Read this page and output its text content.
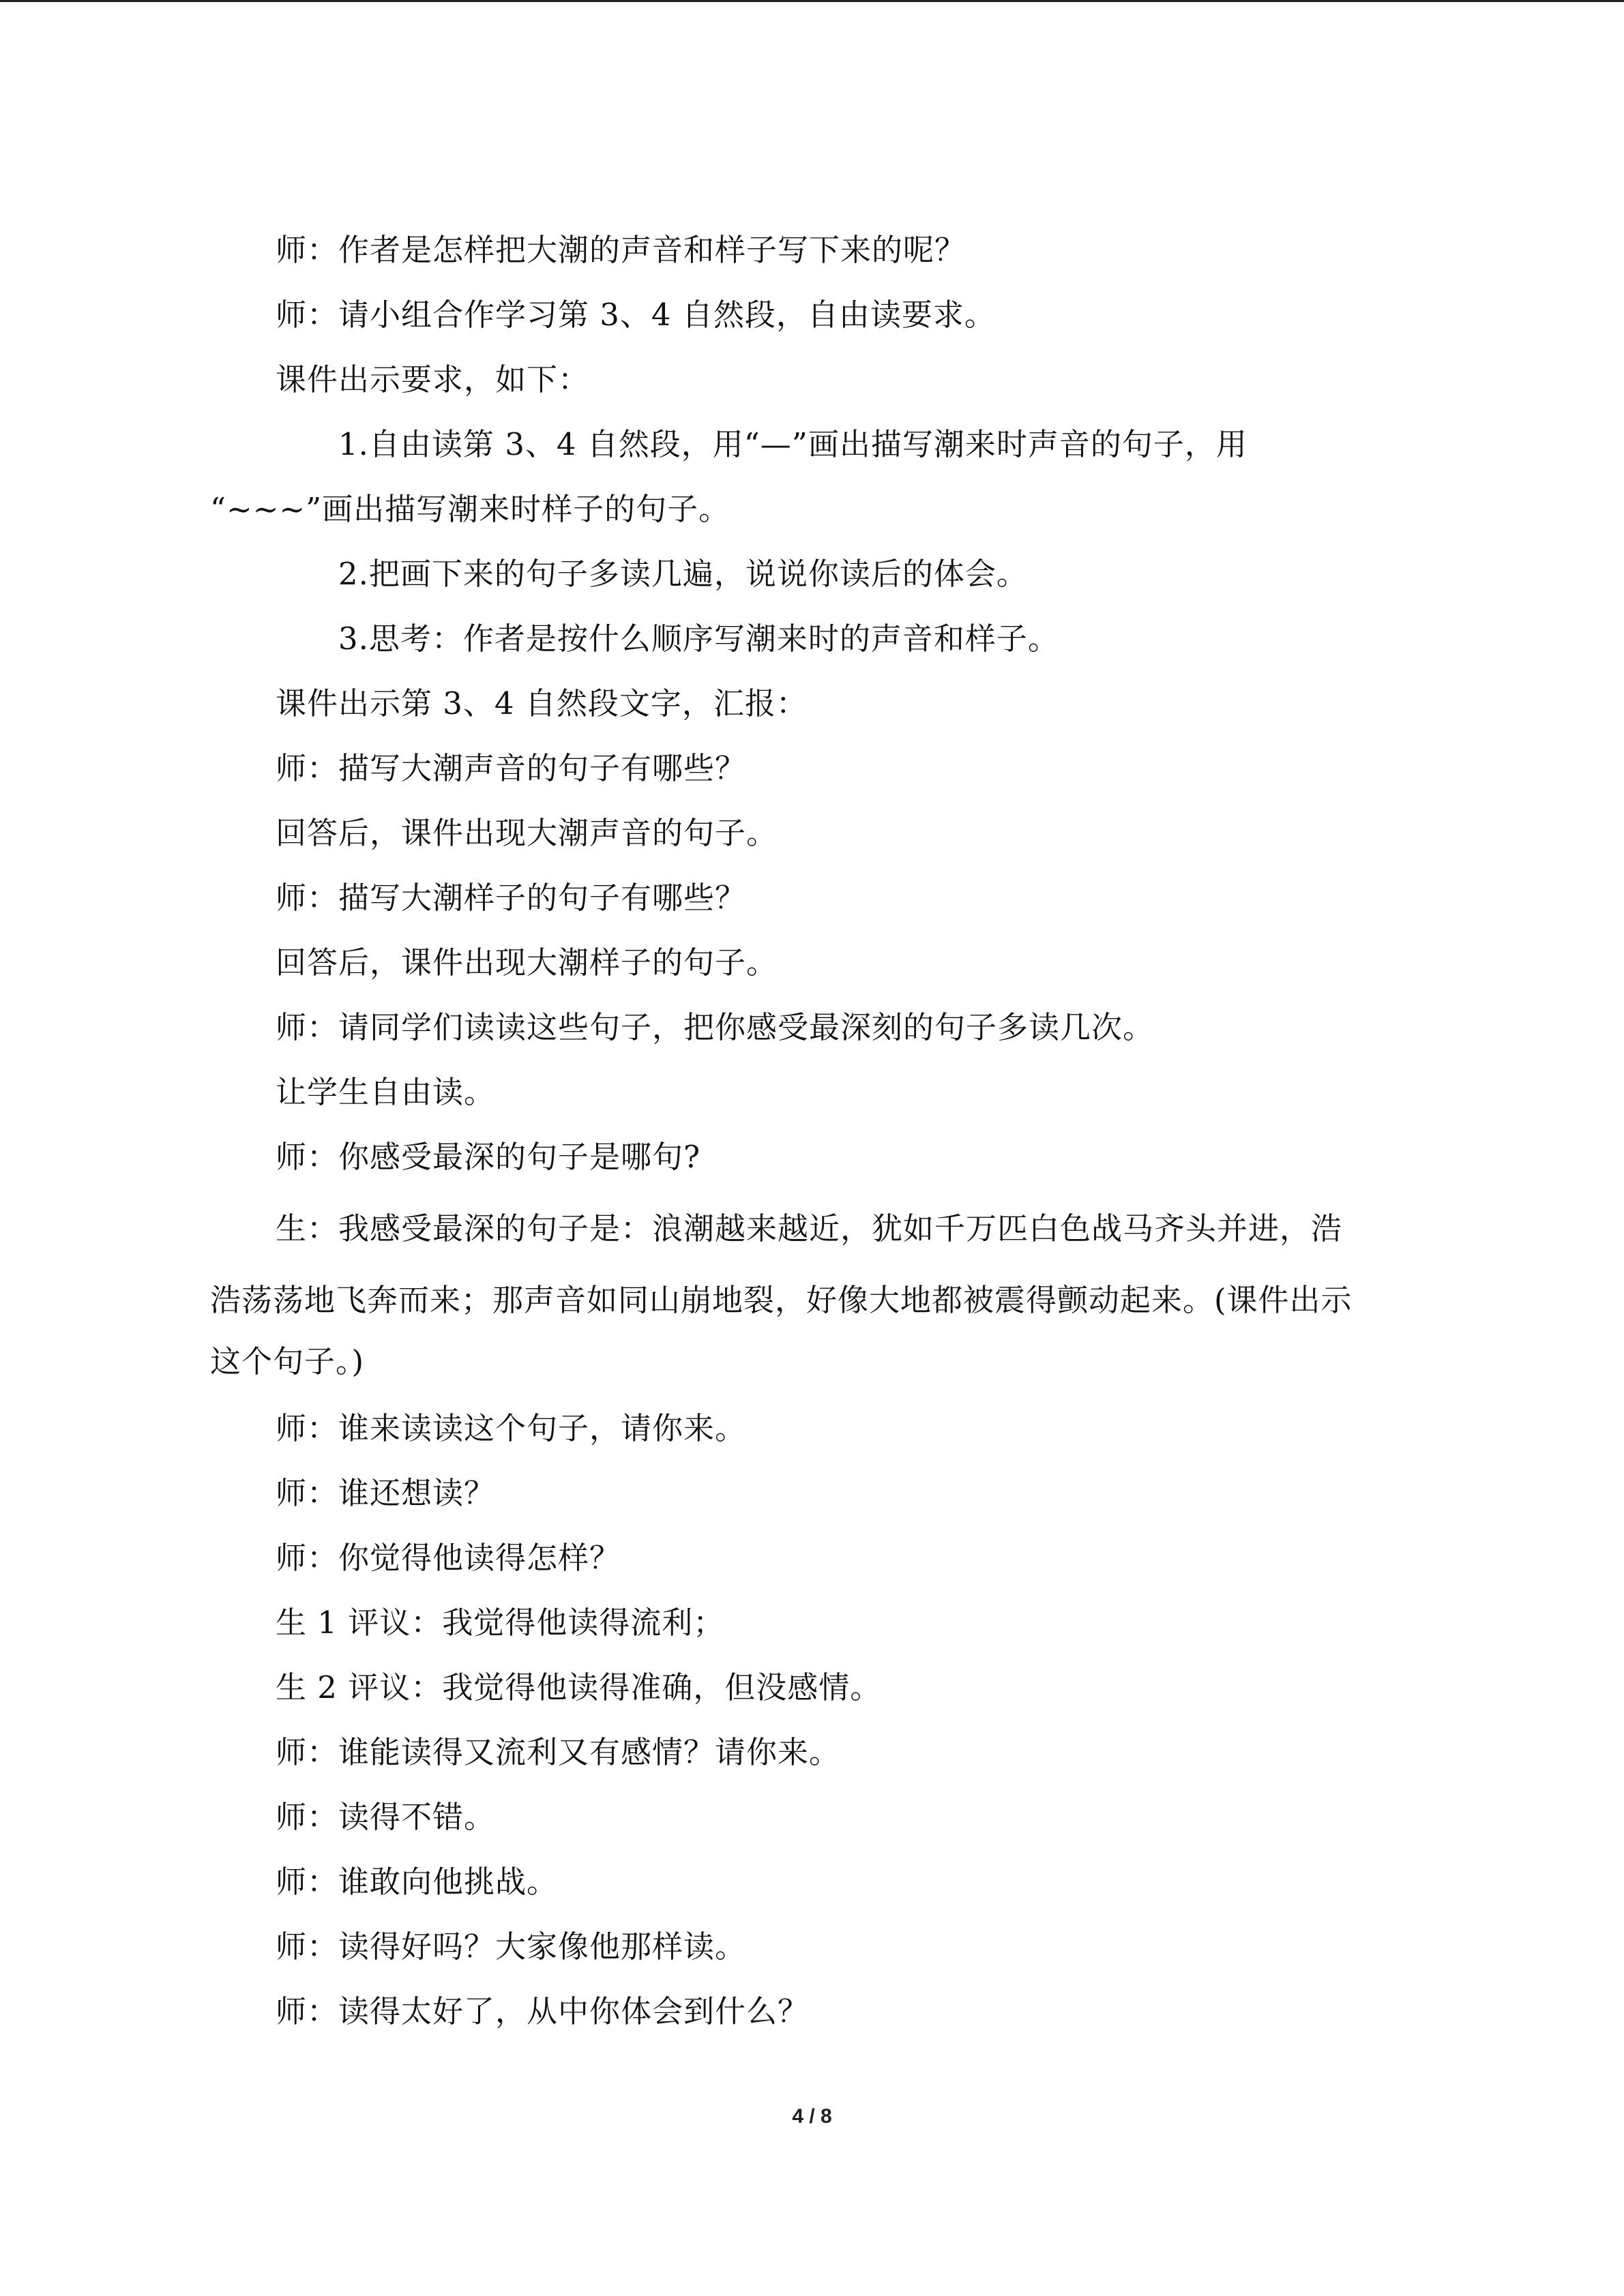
师：作者是怎样把大潮的声音和样子写下来的呢？
师：请小组合作学习第 3、4 自然段，自由读要求。
课件出示要求，如下：
1.自由读第 3、4 自然段，用“—”画出描写潮来时声音的句子，用
“~~~”画出描写潮来时样子的句子。
2.把画下来的句子多读几遍，说说你读后的体会。
3.思考：作者是按什么顺序写潮来时的声音和样子。
课件出示第 3、4 自然段文字，汇报：
师：描写大潮声音的句子有哪些？
回答后，课件出现大潮声音的句子。
师：描写大潮样子的句子有哪些？
回答后，课件出现大潮样子的句子。
师：请同学们读读这些句子，把你感受最深刻的句子多读几次。
让学生自由读。
师：你感受最深的句子是哪句?
生：我感受最深的句子是：浪潮越来越近，犹如千万匹白色战马齐头并进，浩
浩荡荡地飞奔而来；那声音如同山崩地裂，好像大地都被震得颤动起来。(课件出示
这个句子。)
师：谁来读读这个句子，请你来。
师：谁还想读？
师：你觉得他读得怎样？
生 1 评议：我觉得他读得流利；
生 2 评议：我觉得他读得准确，但没感情。
师：谁能读得又流利又有感情？请你来。
师：读得不错。
师：谁敢向他挑战。
师：读得好吗？大家像他那样读。
师：读得太好了，从中你体会到什么？
4 / 8
